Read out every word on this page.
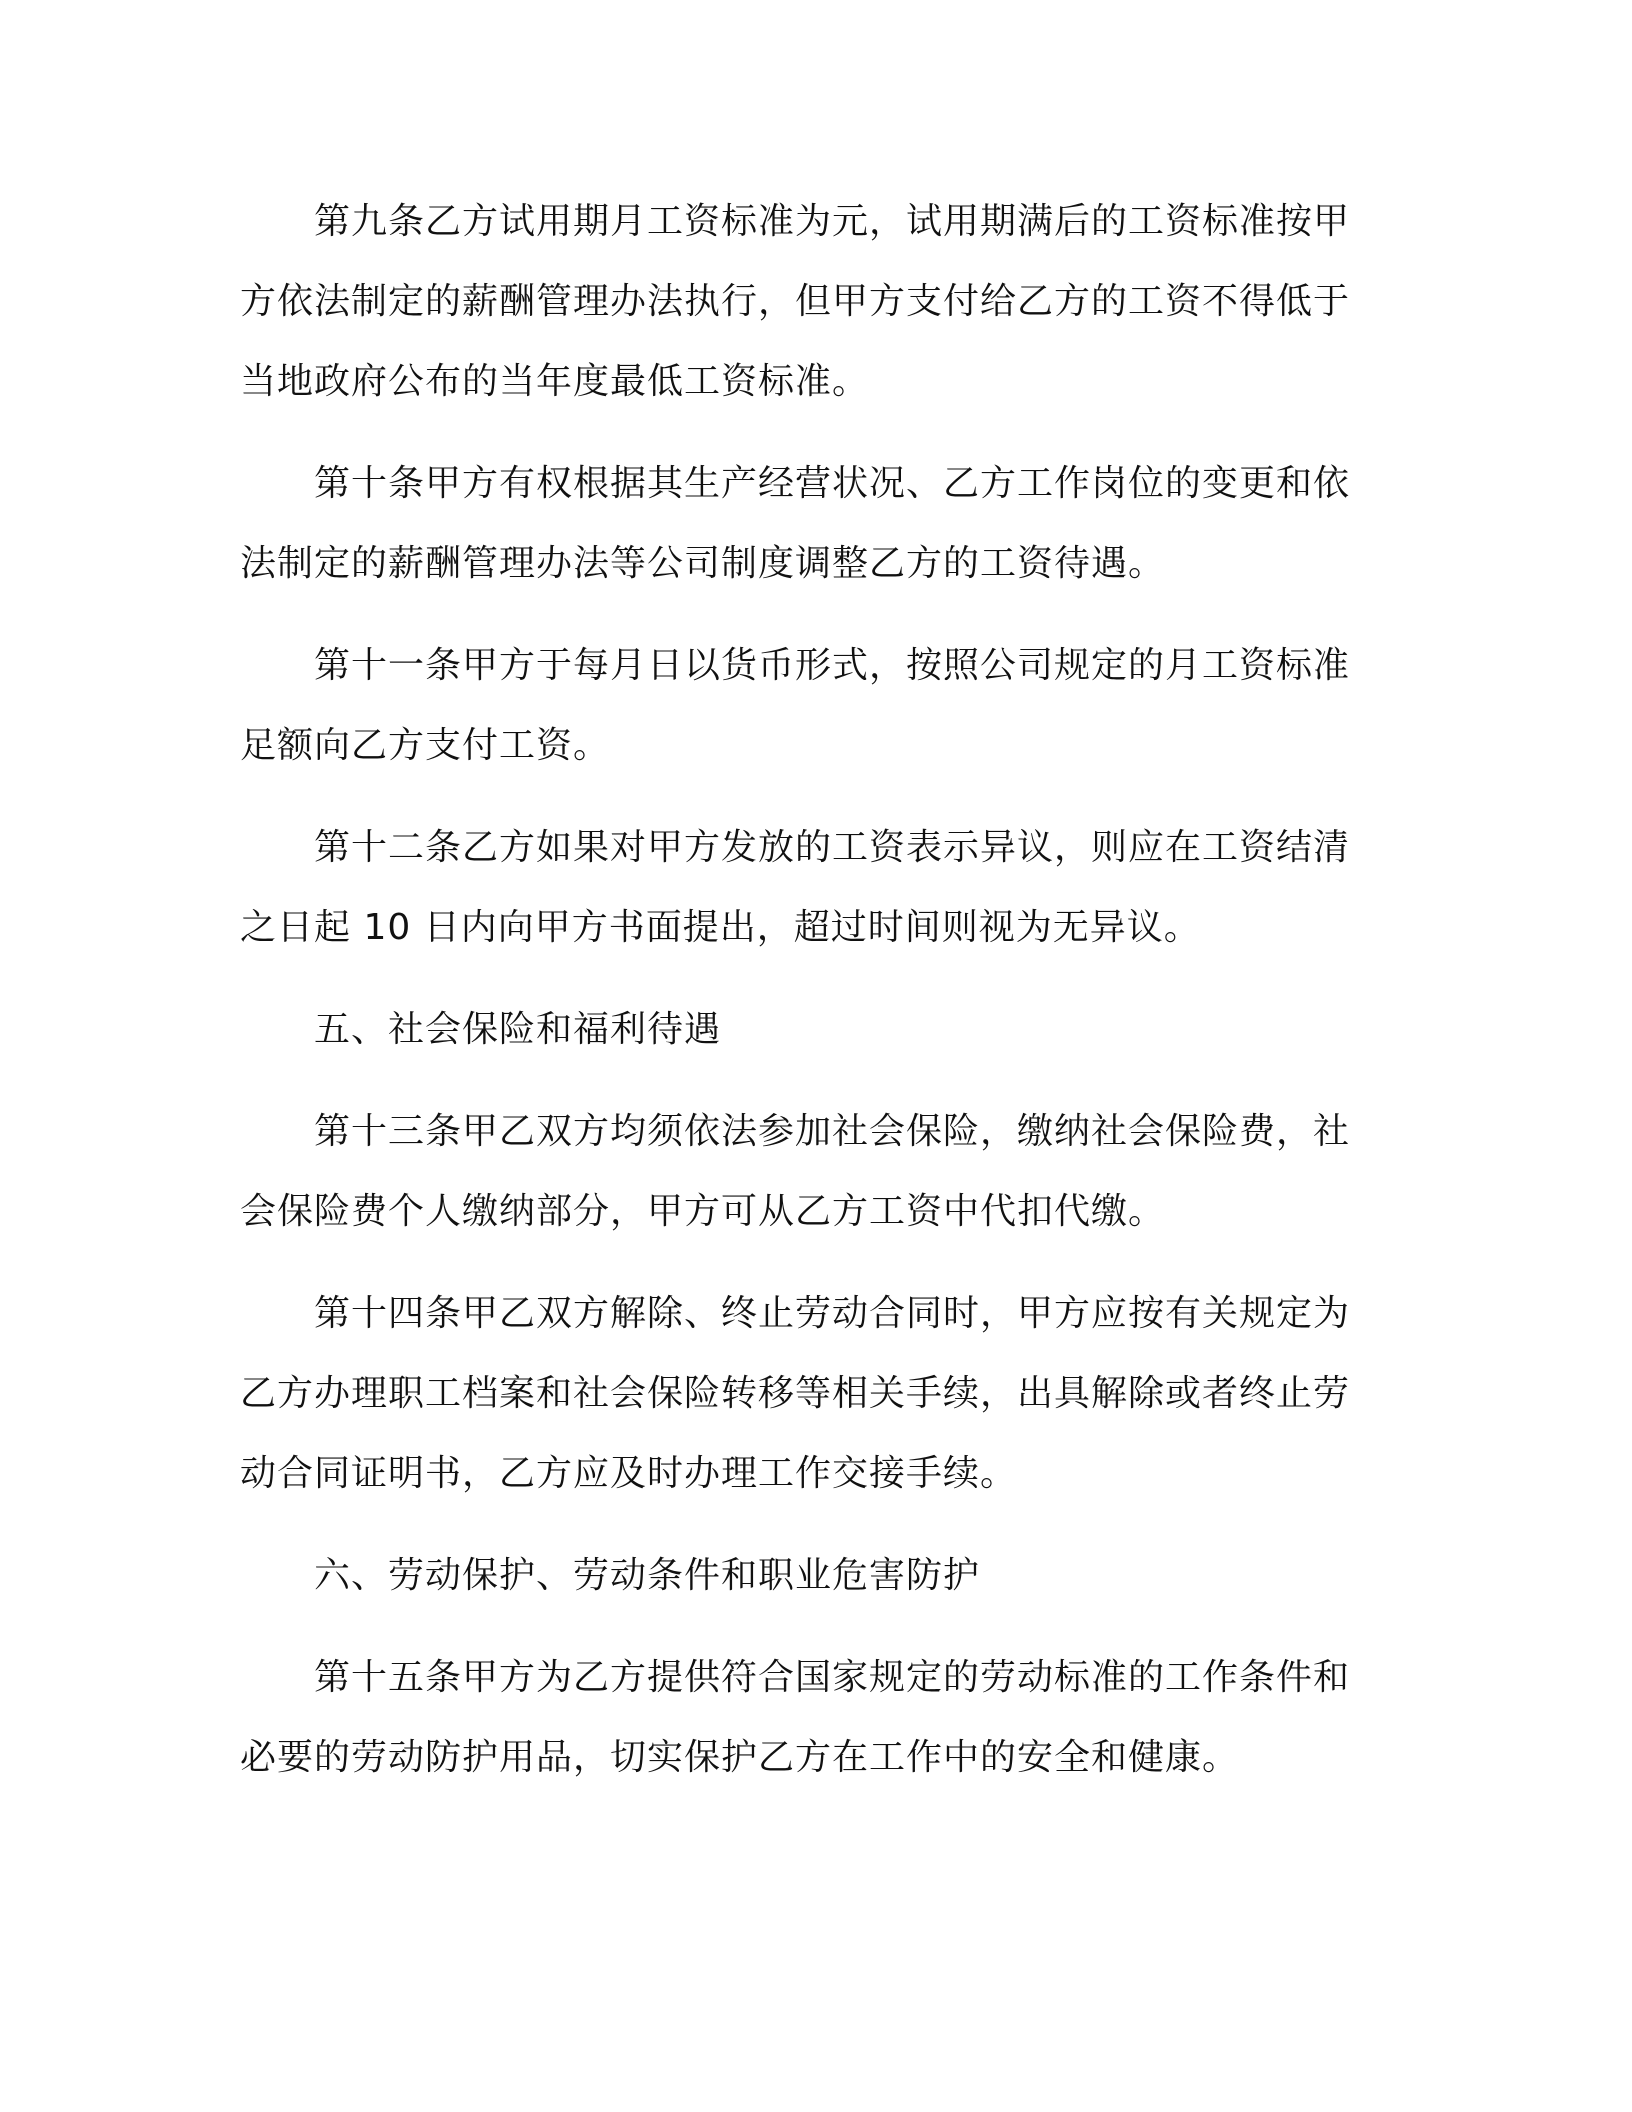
第九条乙方试用期月工资标准为元，试用期满后的工资标准按甲方依法制定的薪酬管理办法执行，但甲方支付给乙方的工资不得低于当地政府公布的当年度最低工资标准。

第十条甲方有权根据其生产经营状况、乙方工作岗位的变更和依法制定的薪酬管理办法等公司制度调整乙方的工资待遇。

第十一条甲方于每月日以货币形式，按照公司规定的月工资标准足额向乙方支付工资。

第十二条乙方如果对甲方发放的工资表示异议，则应在工资结清之日起 10 日内向甲方书面提出，超过时间则视为无异议。

五、社会保险和福利待遇

第十三条甲乙双方均须依法参加社会保险，缴纳社会保险费，社会保险费个人缴纳部分，甲方可从乙方工资中代扣代缴。

第十四条甲乙双方解除、终止劳动合同时，甲方应按有关规定为乙方办理职工档案和社会保险转移等相关手续，出具解除或者终止劳动合同证明书，乙方应及时办理工作交接手续。

六、劳动保护、劳动条件和职业危害防护

第十五条甲方为乙方提供符合国家规定的劳动标准的工作条件和必要的劳动防护用品，切实保护乙方在工作中的安全和健康。
